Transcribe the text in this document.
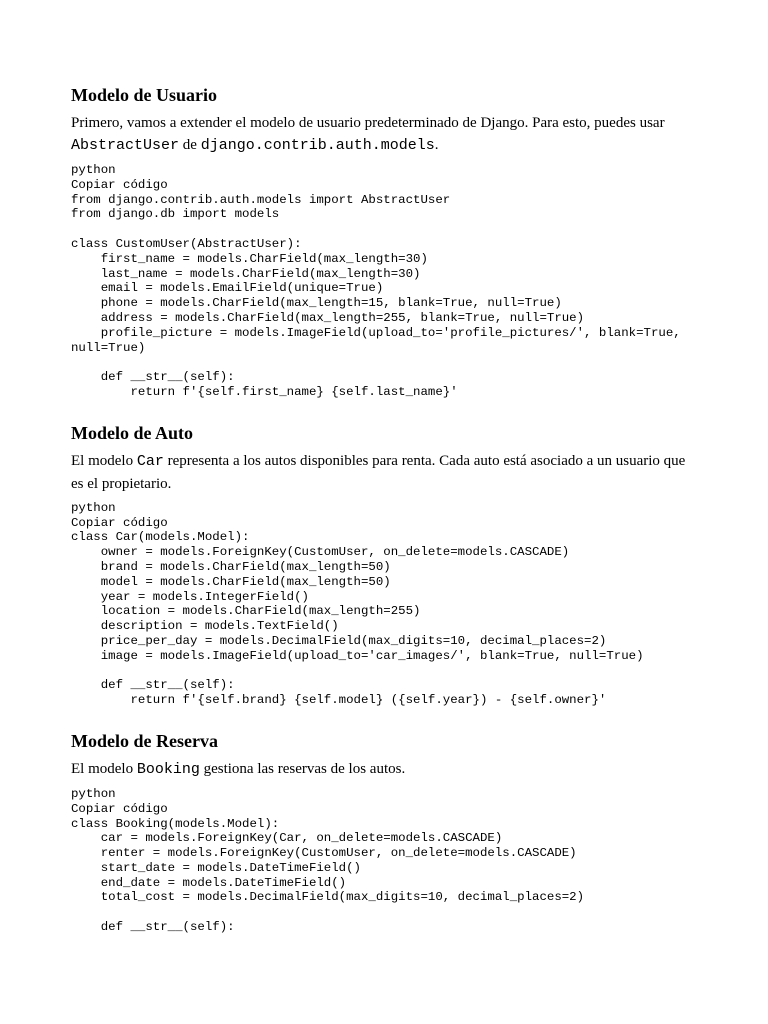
Modelo de Usuario

Primero, vamos a extender el modelo de usuario predeterminado de Django. Para esto, puedes usar AbstractUser de django.contrib.auth.models.

python
Copiar código
from django.contrib.auth.models import AbstractUser
from django.db import models

class CustomUser(AbstractUser):
first_name = models.CharField(max_length=30)
last_name = models.CharField(max_length=30)
email = models.EmailField(unique=True)
phone = models.CharField(max_length=15, blank=True, null=True)
address = models.CharField(max_length=255, blank=True, null=True)
profile_picture = models.ImageField(upload_to='profile_pictures/', blank=True,
null=True)

def __str__(self):
return f'{self.first_name} {self.last_name}'
Modelo de Auto

El modelo Car representa a los autos disponibles para renta. Cada auto está asociado a un usuario que es el propietario.

python
Copiar código
class Car(models.Model):
owner = models.ForeignKey(CustomUser, on_delete=models.CASCADE)
brand = models.CharField(max_length=50)
model = models.CharField(max_length=50)
year = models.IntegerField()
location = models.CharField(max_length=255)
description = models.TextField()
price_per_day = models.DecimalField(max_digits=10, decimal_places=2)
image = models.ImageField(upload_to='car_images/', blank=True, null=True)

def __str__(self):
return f'{self.brand} {self.model} ({self.year}) - {self.owner}'
Modelo de Reserva

El modelo Booking gestiona las reservas de los autos.

python
Copiar código
class Booking(models.Model):
car = models.ForeignKey(Car, on_delete=models.CASCADE)
renter = models.ForeignKey(CustomUser, on_delete=models.CASCADE)
start_date = models.DateTimeField()
end_date = models.DateTimeField()
total_cost = models.DecimalField(max_digits=10, decimal_places=2)

def __str__(self):
